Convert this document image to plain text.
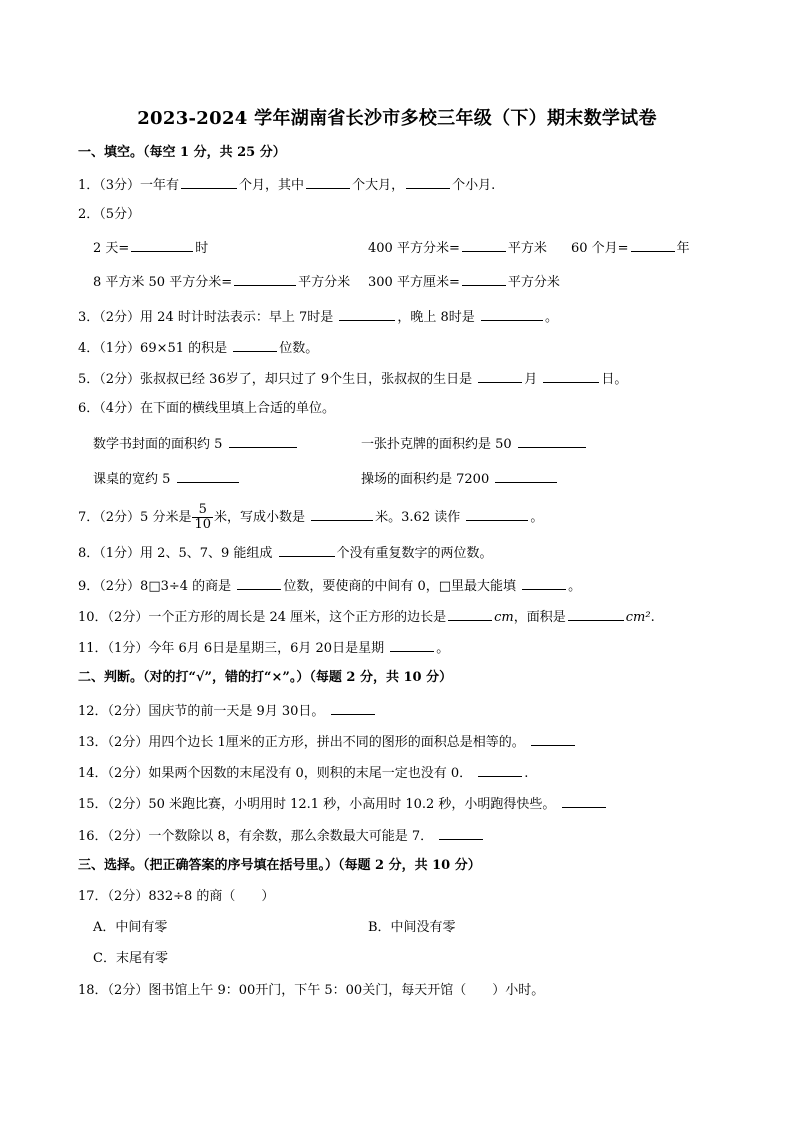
2023-2024 学年湖南省长沙市多校三年级（下）期末数学试卷
一、填空。（每空 1 分，共 25 分）
1．（3分）一年有	个月，其中	个大月，	个小月.
2．（5分）
2 天=	时	400 平方分米=	平方米 60 个月=	年
8 平方米 50 平方分米=	平方分米 300 平方厘米=	平方分米
3．（2分）用 24 时计时法表示：早上 7时是	，晚上 8时是	。
4．（1分）69×51 的积是	位数。
5．（2分）张叔叔已经 36岁了，却只过了 9个生日，张叔叔的生日是	月	日。
6．（4分）在下面的横线里填上合适的单位。
数学书封面的面积约 5	一张扑克牌的面积约是 50
课桌的宽约 5	操场的面积约是 7200
7．（2分）5 分米是 $\frac{5}{10}$ 米，写成小数是	米。3.62 读作	。
8．（1分）用 2、5、7、9 能组成	个没有重复数字的两位数。
9．（2分）8□3÷4 的商是	位数，要使商的中间有 0，□里最大能填	。
10．（2分）一个正方形的周长是 24 厘米，这个正方形的边长是	cm，面积是	cm².
11．（1分）今年 6月 6日是星期三，6月 20日是星期	。
二、判断。（对的打“√”，错的打“×”。）（每题 2 分，共 10 分）
12．（2分）国庆节的前一天是 9月 30日。
13．（2分）用四个边长 1厘米的正方形，拼出不同的图形的面积总是相等的。
14．（2分）如果两个因数的末尾没有 0，则积的末尾一定也没有 0．	.
15．（2分）50 米跑比赛，小明用时 12.1 秒，小高用时 10.2 秒，小明跑得快些。
16．（2分）一个数除以 8，有余数，那么余数最大可能是 7．
三、选择。（把正确答案的序号填在括号里。）（每题 2 分，共 10 分）
17．（2分）832÷8 的商（　　）
A．中间有零	B．中间没有零
C．末尾有零
18．（2分）图书馆上午 9：00开门，下午 5：00关门，每天开馆（　　）小时。
